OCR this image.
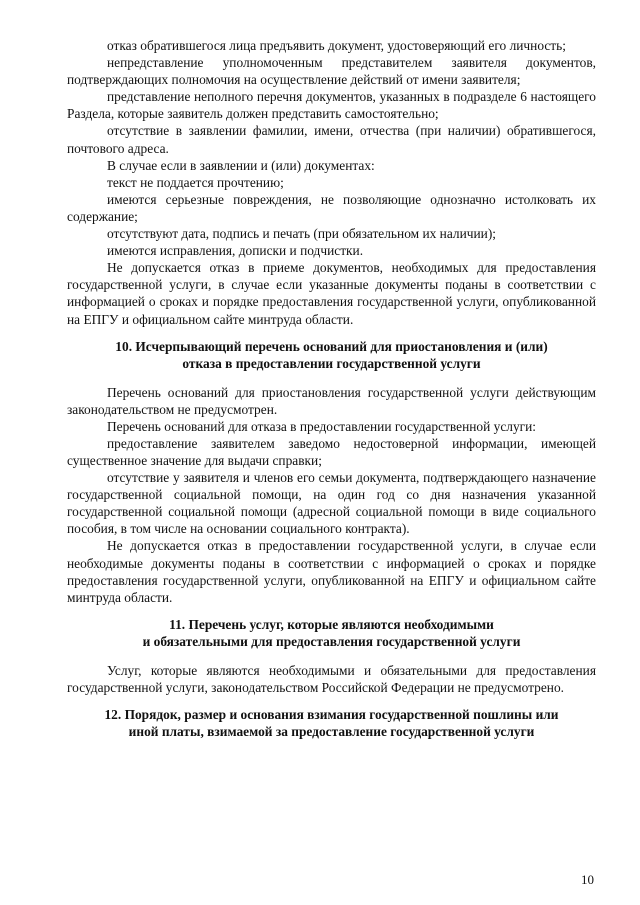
отказ обратившегося лица предъявить документ, удостоверяющий его личность;

непредставление уполномоченным представителем заявителя документов, подтверждающих полномочия на осуществление действий от имени заявителя;

представление неполного перечня документов, указанных в подразделе 6 настоящего Раздела, которые заявитель должен представить самостоятельно;

отсутствие в заявлении фамилии, имени, отчества (при наличии) обратившегося, почтового адреса.

В случае если в заявлении и (или) документах:

текст не поддается прочтению;

имеются серьезные повреждения, не позволяющие однозначно истолковать их содержание;

отсутствуют дата, подпись и печать (при обязательном их наличии);

имеются исправления, дописки и подчистки.

Не допускается отказ в приеме документов, необходимых для предоставления государственной услуги, в случае если указанные документы поданы в соответствии с информацией о сроках и порядке предоставления государственной услуги, опубликованной на ЕПГУ и официальном сайте минтруда области.

10. Исчерпывающий перечень оснований для приостановления и (или)
отказа в предоставлении государственной услуги

Перечень оснований для приостановления государственной услуги действующим законодательством не предусмотрен.

Перечень оснований для отказа в предоставлении государственной услуги:

предоставление заявителем заведомо недостоверной информации, имеющей существенное значение для выдачи справки;

отсутствие у заявителя и членов его семьи документа, подтверждающего назначение государственной социальной помощи, на один год со дня назначения указанной государственной социальной помощи (адресной социальной помощи в виде социального пособия, в том числе на основании социального контракта).

Не допускается отказ в предоставлении государственной услуги, в случае если необходимые документы поданы в соответствии с информацией о сроках и порядке предоставления государственной услуги, опубликованной на ЕПГУ и официальном сайте минтруда области.

11. Перечень услуг, которые являются необходимыми
и обязательными для предоставления государственной услуги

Услуг, которые являются необходимыми и обязательными для предоставления государственной услуги, законодательством Российской Федерации не предусмотрено.

12. Порядок, размер и основания взимания государственной пошлины или
иной платы, взимаемой за предоставление государственной услуги
10
